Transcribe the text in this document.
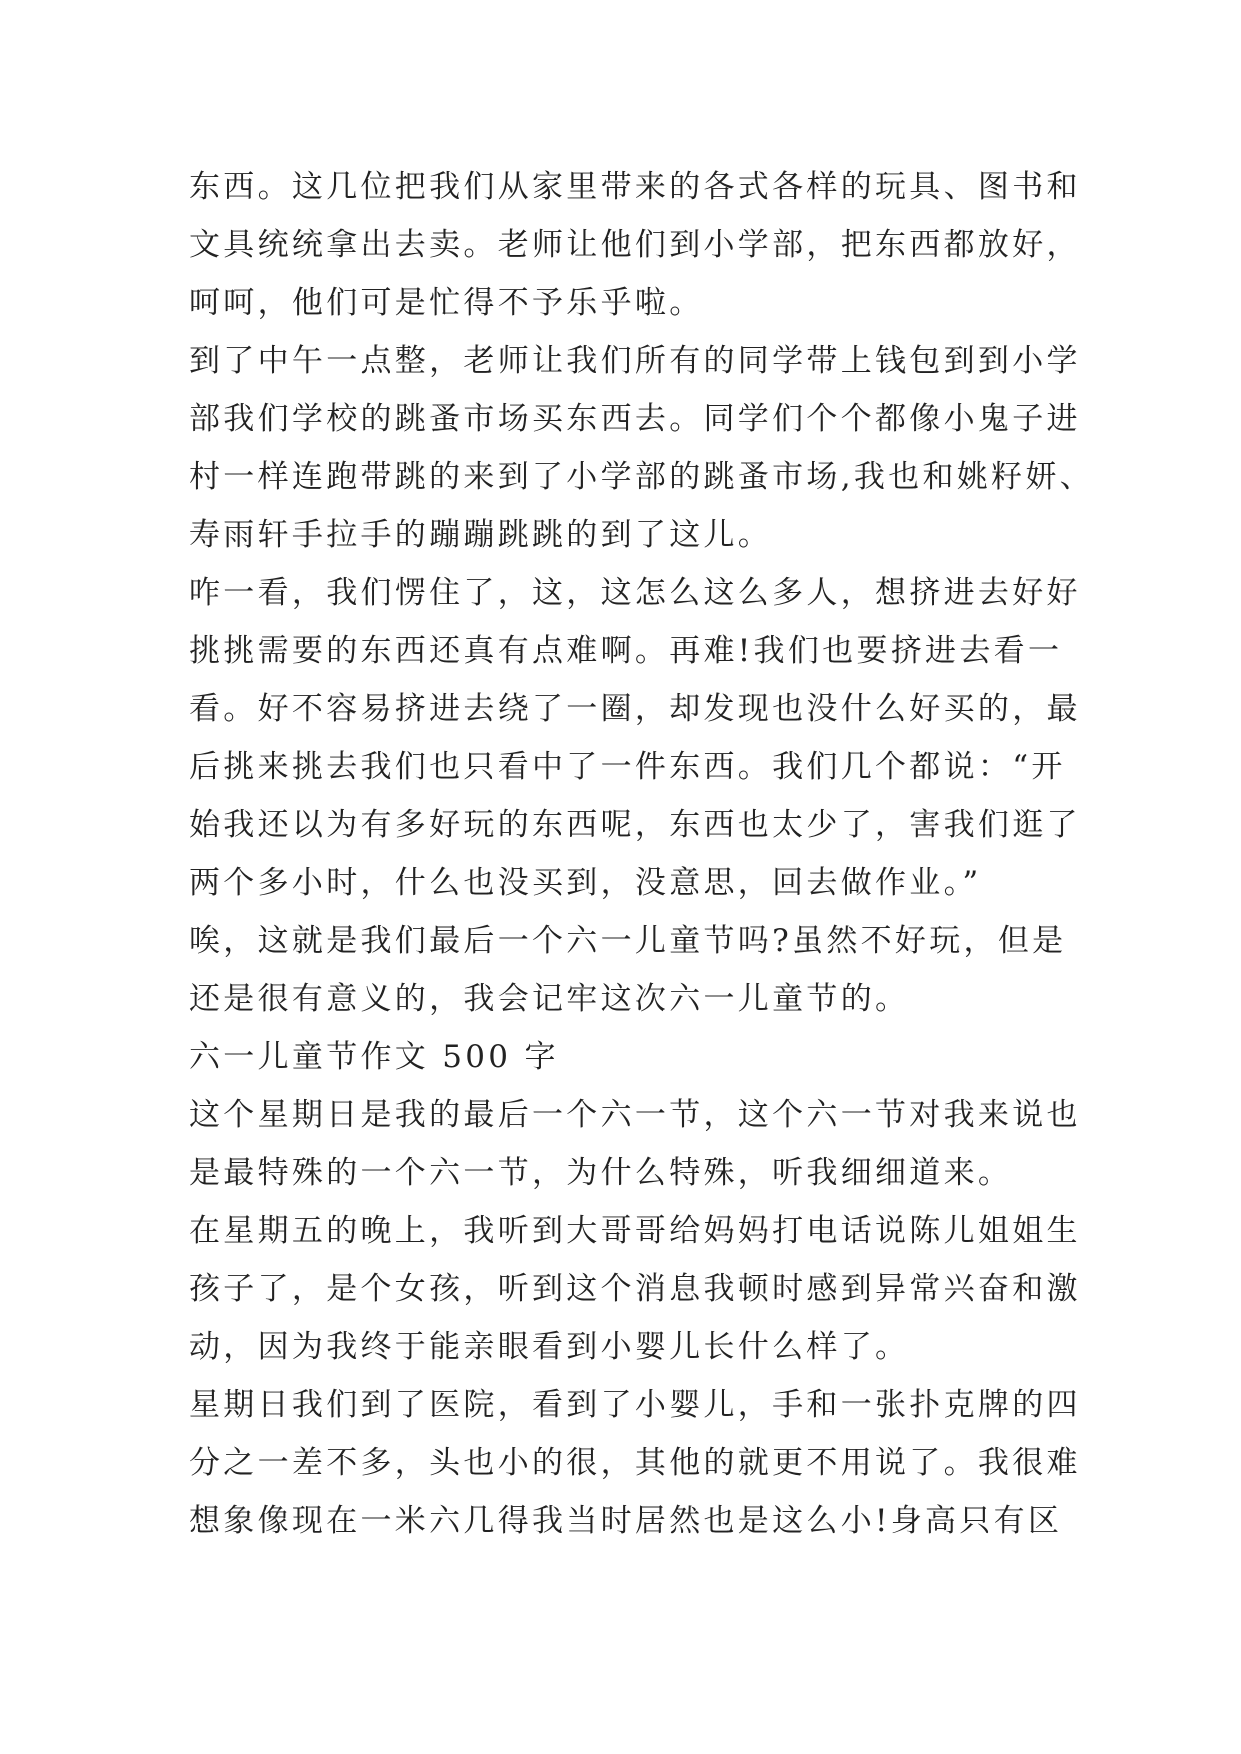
东西。这几位把我们从家里带来的各式各样的玩具、图书和
文具统统拿出去卖。老师让他们到小学部，把东西都放好，
呵呵，他们可是忙得不予乐乎啦。
到了中午一点整，老师让我们所有的同学带上钱包到到小学
部我们学校的跳蚤市场买东西去。同学们个个都像小鬼子进
村一样连跑带跳的来到了小学部的跳蚤市场,我也和姚籽妍、
寿雨轩手拉手的蹦蹦跳跳的到了这儿。
咋一看，我们愣住了，这，这怎么这么多人，想挤进去好好
挑挑需要的东西还真有点难啊。再难!我们也要挤进去看一
看。好不容易挤进去绕了一圈，却发现也没什么好买的，最
后挑来挑去我们也只看中了一件东西。我们几个都说：“开
始我还以为有多好玩的东西呢，东西也太少了，害我们逛了
两个多小时，什么也没买到，没意思，回去做作业。”
唉，这就是我们最后一个六一儿童节吗?虽然不好玩，但是
还是很有意义的，我会记牢这次六一儿童节的。
六一儿童节作文 500 字
这个星期日是我的最后一个六一节，这个六一节对我来说也
是最特殊的一个六一节，为什么特殊，听我细细道来。
在星期五的晚上，我听到大哥哥给妈妈打电话说陈儿姐姐生
孩子了，是个女孩，听到这个消息我顿时感到异常兴奋和激
动，因为我终于能亲眼看到小婴儿长什么样了。
星期日我们到了医院，看到了小婴儿，手和一张扑克牌的四
分之一差不多，头也小的很，其他的就更不用说了。我很难
想象像现在一米六几得我当时居然也是这么小!身高只有区
